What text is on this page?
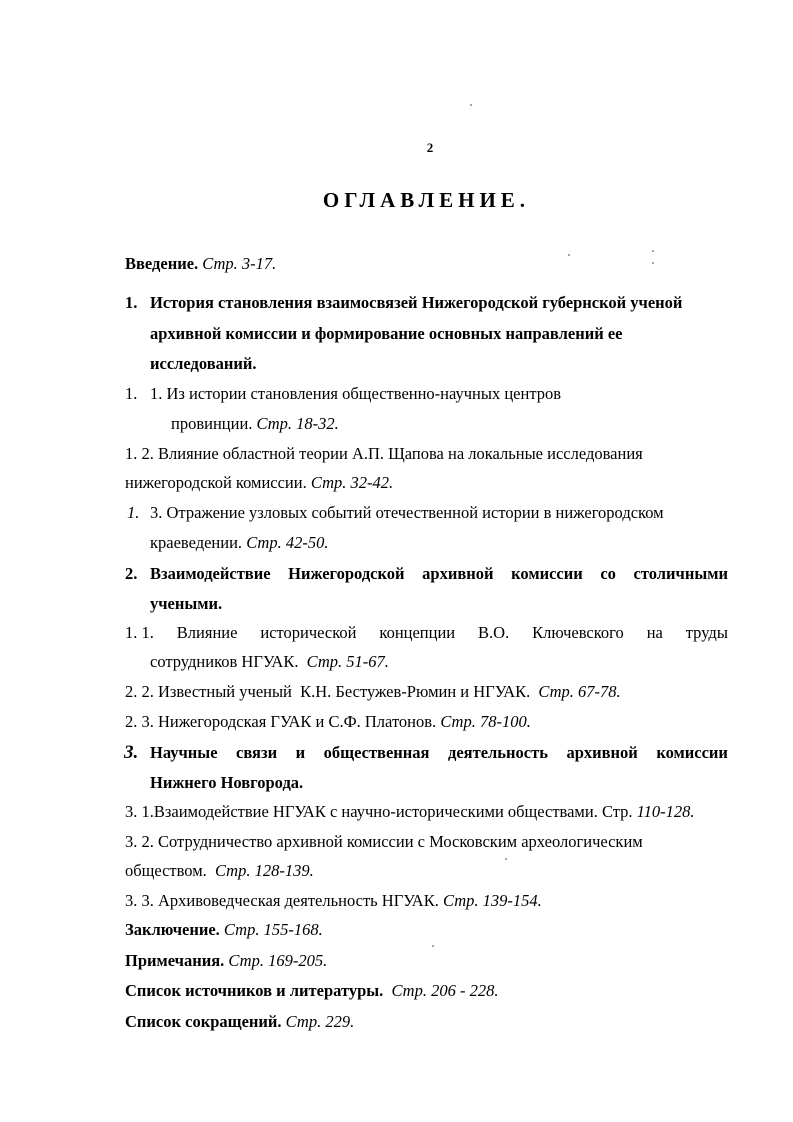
2
ОГЛАВЛЕНИЕ.
Введение. Стр. 3-17.
1. История становления взаимосвязей Нижегородской губернской ученой
архивной комиссии и формирование основных направлений ее
исследований.
1. 1. Из истории становления общественно-научных центров
провинции. Стр. 18-32.
1. 2. Влияние областной теории А.П. Щапова на локальные исследования
нижегородской комиссии. Стр. 32-42.
1. 3. Отражение узловых событий отечественной истории в нижегородском
краеведении. Стр. 42-50.
2. Взаимодействие Нижегородской архивной комиссии со столичными
учеными.
1. 1. Влияние исторической концепции В.О. Ключевского на труды
сотрудников НГУАК. Стр. 51-67.
2. 2. Известный ученый  К.Н. Бестужев-Рюмин и НГУАК. Стр. 67-78.
2. 3. Нижегородская ГУАК и С.Ф. Платонов. Стр. 78-100.
3. Научные связи и общественная деятельность архивной комиссии
Нижнего Новгорода.
3. 1.Взаимодействие НГУАК с научно-историческими обществами. Стр. 110-128.
3. 2. Сотрудничество архивной комиссии с Московским археологическим
обществом. Стр. 128-139.
3. 3. Архивоведческая деятельность НГУАК. Стр. 139-154.
Заключение. Стр. 155-168.
Примечания. Стр. 169-205.
Список источников и литературы. Стр. 206 - 228.
Список сокращений. Стр. 229.
